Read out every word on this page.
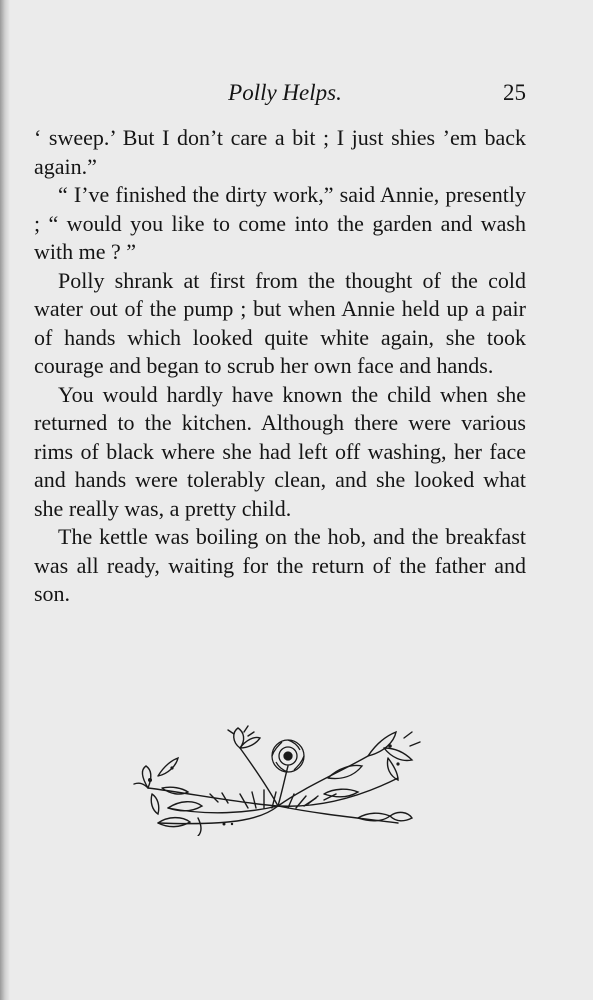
Polly Helps.	25

‘ sweep.’ But I don’t care a bit ; I just shies ’em back again.”

“ I’ve finished the dirty work,” said Annie, presently ; “ would you like to come into the garden and wash with me ? ”

Polly shrank at first from the thought of the cold water out of the pump ; but when Annie held up a pair of hands which looked quite white again, she took courage and began to scrub her own face and hands.

You would hardly have known the child when she returned to the kitchen. Although there were various rims of black where she had left off washing, her face and hands were tolerably clean, and she looked what she really was, a pretty child.

The kettle was boiling on the hob, and the breakfast was all ready, waiting for the return of the father and son.
